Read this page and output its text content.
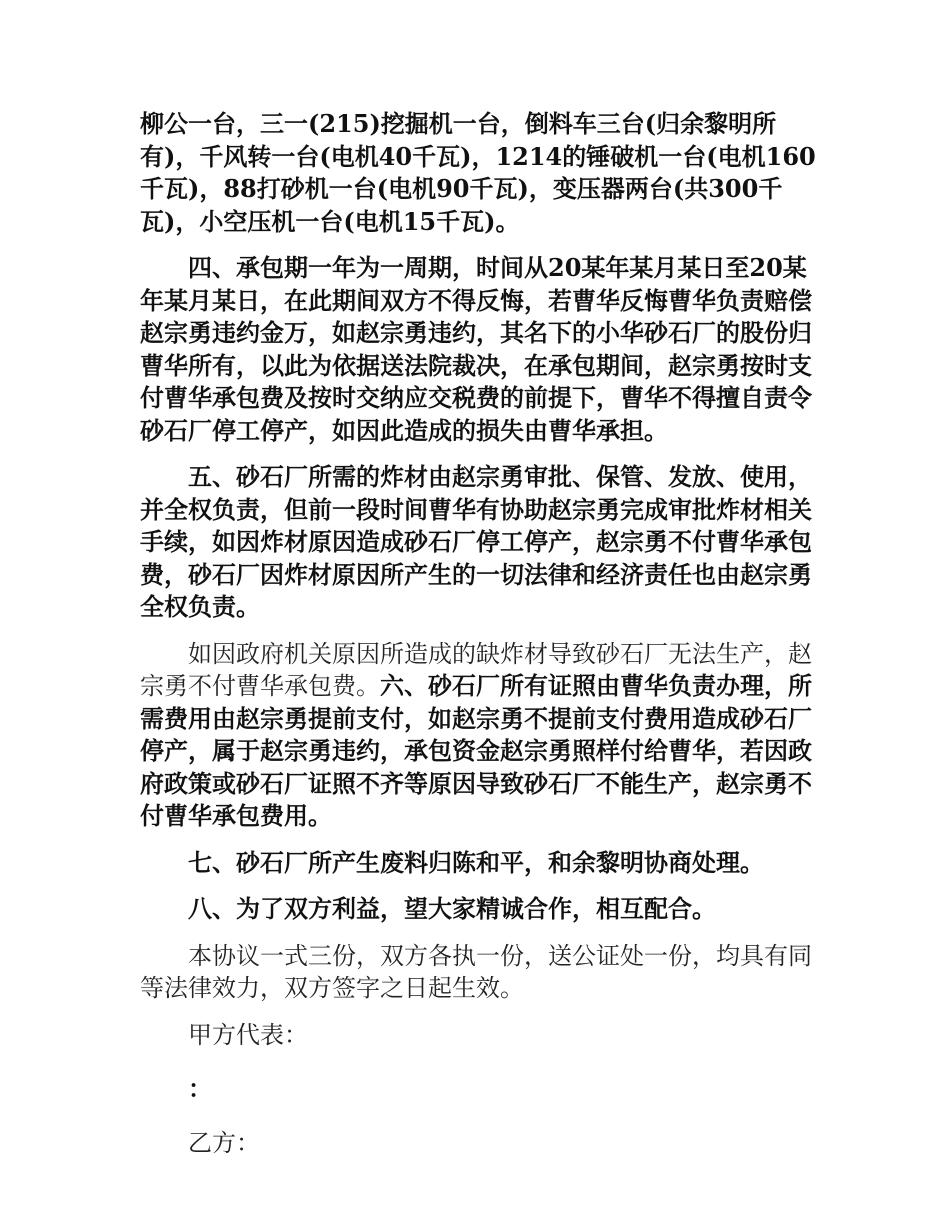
柳公一台，三一(215)挖掘机一台，倒料车三台(归余黎明所有)，千风转一台(电机40千瓦)，1214的锤破机一台(电机160千瓦)，88打砂机一台(电机90千瓦)，变压器两台(共300千瓦)，小空压机一台(电机15千瓦)。

四、承包期一年为一周期，时间从20某年某月某日至20某年某月某日，在此期间双方不得反悔，若曹华反悔曹华负责赔偿赵宗勇违约金万，如赵宗勇违约，其名下的小华砂石厂的股份归曹华所有，以此为依据送法院裁决，在承包期间，赵宗勇按时支付曹华承包费及按时交纳应交税费的前提下，曹华不得擅自责令砂石厂停工停产，如因此造成的损失由曹华承担。

五、砂石厂所需的炸材由赵宗勇审批、保管、发放、使用，并全权负责，但前一段时间曹华有协助赵宗勇完成审批炸材相关手续，如因炸材原因造成砂石厂停工停产，赵宗勇不付曹华承包费，砂石厂因炸材原因所产生的一切法律和经济责任也由赵宗勇全权负责。

如因政府机关原因所造成的缺炸材导致砂石厂无法生产，赵宗勇不付曹华承包费。六、砂石厂所有证照由曹华负责办理，所需费用由赵宗勇提前支付，如赵宗勇不提前支付费用造成砂石厂停产，属于赵宗勇违约，承包资金赵宗勇照样付给曹华，若因政府政策或砂石厂证照不齐等原因导致砂石厂不能生产，赵宗勇不付曹华承包费用。

七、砂石厂所产生废料归陈和平，和余黎明协商处理。

八、为了双方利益，望大家精诚合作，相互配合。

本协议一式三份，双方各执一份，送公证处一份，均具有同等法律效力，双方签字之日起生效。

甲方代表：

：

乙方：
